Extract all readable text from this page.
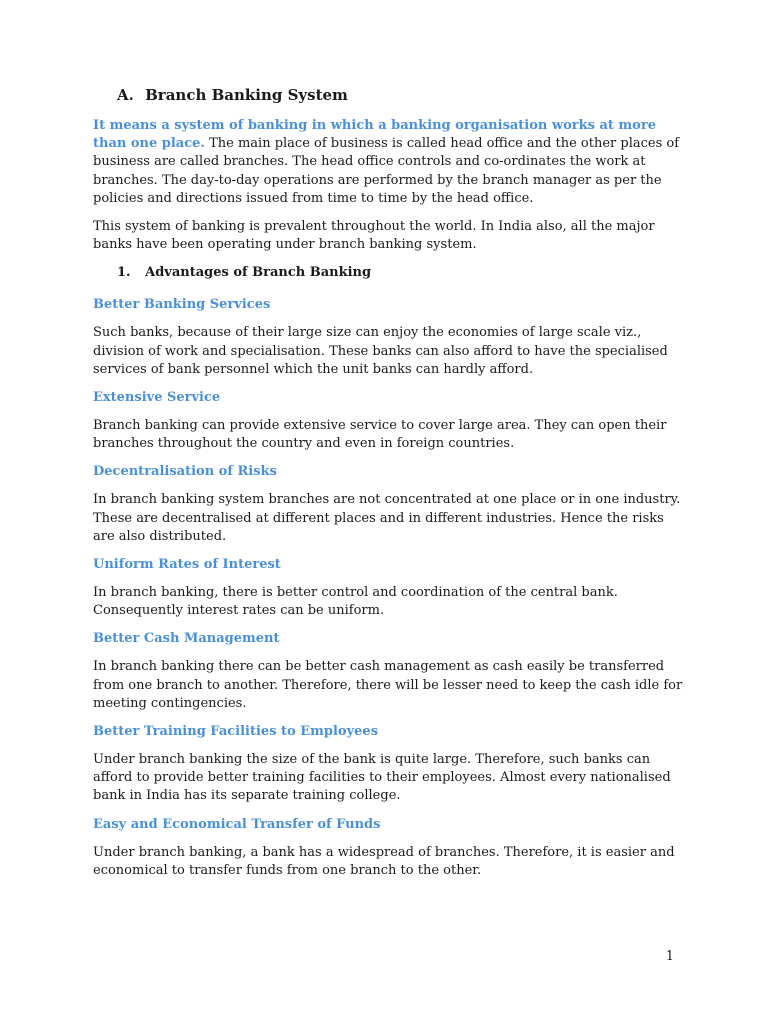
A. Branch Banking System

It means a system of banking in which a banking organisation works at more than one place. The main place of business is called head office and the other places of business are called branches. The head office controls and co-ordinates the work at branches. The day-to-day operations are performed by the branch manager as per the policies and directions issued from time to time by the head office.

This system of banking is prevalent throughout the world. In India also, all the major banks have been operating under branch banking system.

1. Advantages of Branch Banking
Better Banking Services

Such banks, because of their large size can enjoy the economies of large scale viz., division of work and specialisation. These banks can also afford to have the specialised services of bank personnel which the unit banks can hardly afford.

Extensive Service

Branch banking can provide extensive service to cover large area. They can open their branches throughout the country and even in foreign countries.

Decentralisation of Risks

In branch banking system branches are not concentrated at one place or in one industry. These are decentralised at different places and in different industries. Hence the risks are also distributed.

Uniform Rates of Interest

In branch banking, there is better control and coordination of the central bank. Consequently interest rates can be uniform.

Better Cash Management

In branch banking there can be better cash management as cash easily be transferred from one branch to another. Therefore, there will be lesser need to keep the cash idle for meeting contingencies.

Better Training Facilities to Employees

Under branch banking the size of the bank is quite large. Therefore, such banks can afford to provide better training facilities to their employees. Almost every nationalised bank in India has its separate training college.

Easy and Economical Transfer of Funds

Under branch banking, a bank has a widespread of branches. Therefore, it is easier and economical to transfer funds from one branch to the other.

1
